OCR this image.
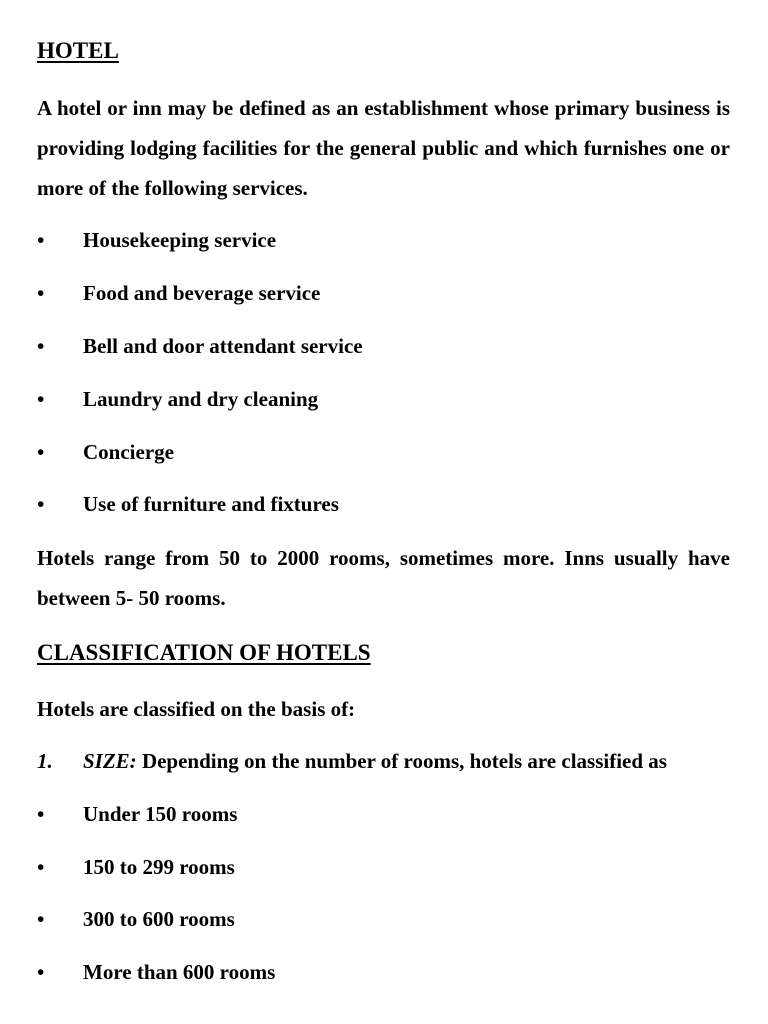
HOTEL
A hotel or inn may be defined as an establishment whose primary business is providing lodging facilities for the general public and which furnishes one or more of the following services.
•	Housekeeping service
•	Food and beverage service
•	Bell and door attendant service
•	Laundry and dry cleaning
•	Concierge
•	Use of furniture and fixtures
Hotels range from 50 to 2000 rooms, sometimes more. Inns usually have between 5- 50 rooms.
CLASSIFICATION OF HOTELS
Hotels are classified on the basis of:
1. SIZE: Depending on the number of rooms, hotels are classified as
•	Under 150 rooms
•	150 to 299 rooms
•	300 to 600 rooms
•	More than 600 rooms
